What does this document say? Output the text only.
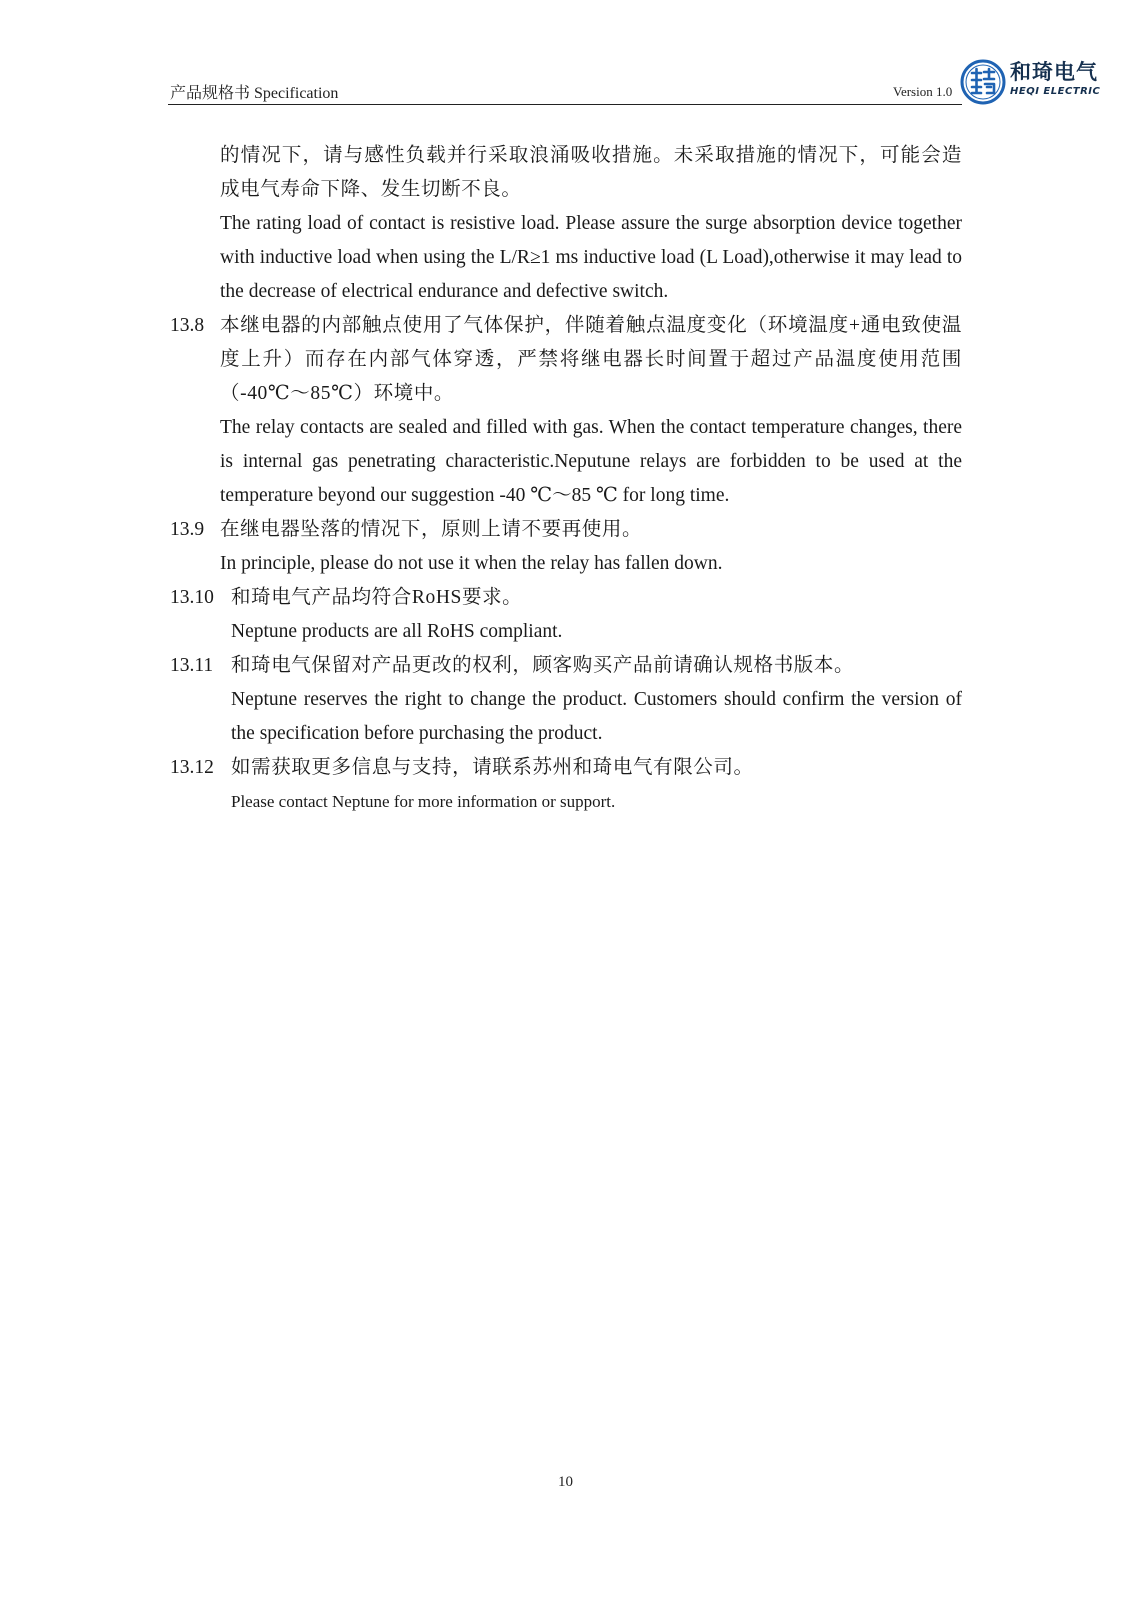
产品规格书 Specification	Version 1.0
和琦电气
HEQI ELECTRIC

的情况下，请与感性负载并行采取浪涌吸收措施。未采取措施的情况下，可能会造成电气寿命下降、发生切断不良。

The rating load of contact is resistive load. Please assure the surge absorption device together with inductive load when using the L/R≥1 ms inductive load (L Load),otherwise it may lead to the decrease of electrical endurance and defective switch.

13.8 本继电器的内部触点使用了气体保护，伴随着触点温度变化（环境温度+通电致使温度上升）而存在内部气体穿透，严禁将继电器长时间置于超过产品温度使用范围（-40℃～85℃）环境中。

The relay contacts are sealed and filled with gas. When the contact temperature changes, there is internal gas penetrating characteristic.Neputune relays are forbidden to be used at the temperature beyond our suggestion -40 ℃～85 ℃ for long time.

13.9 在继电器坠落的情况下，原则上请不要再使用。

In principle, please do not use it when the relay has fallen down.

13.10 和琦电气产品均符合RoHS要求。

Neptune products are all RoHS compliant.

13.11 和琦电气保留对产品更改的权利，顾客购买产品前请确认规格书版本。

Neptune reserves the right to change the product. Customers should confirm the version of the specification before purchasing the product.

13.12 如需获取更多信息与支持，请联系苏州和琦电气有限公司。

Please contact Neptune for more information or support.

10
